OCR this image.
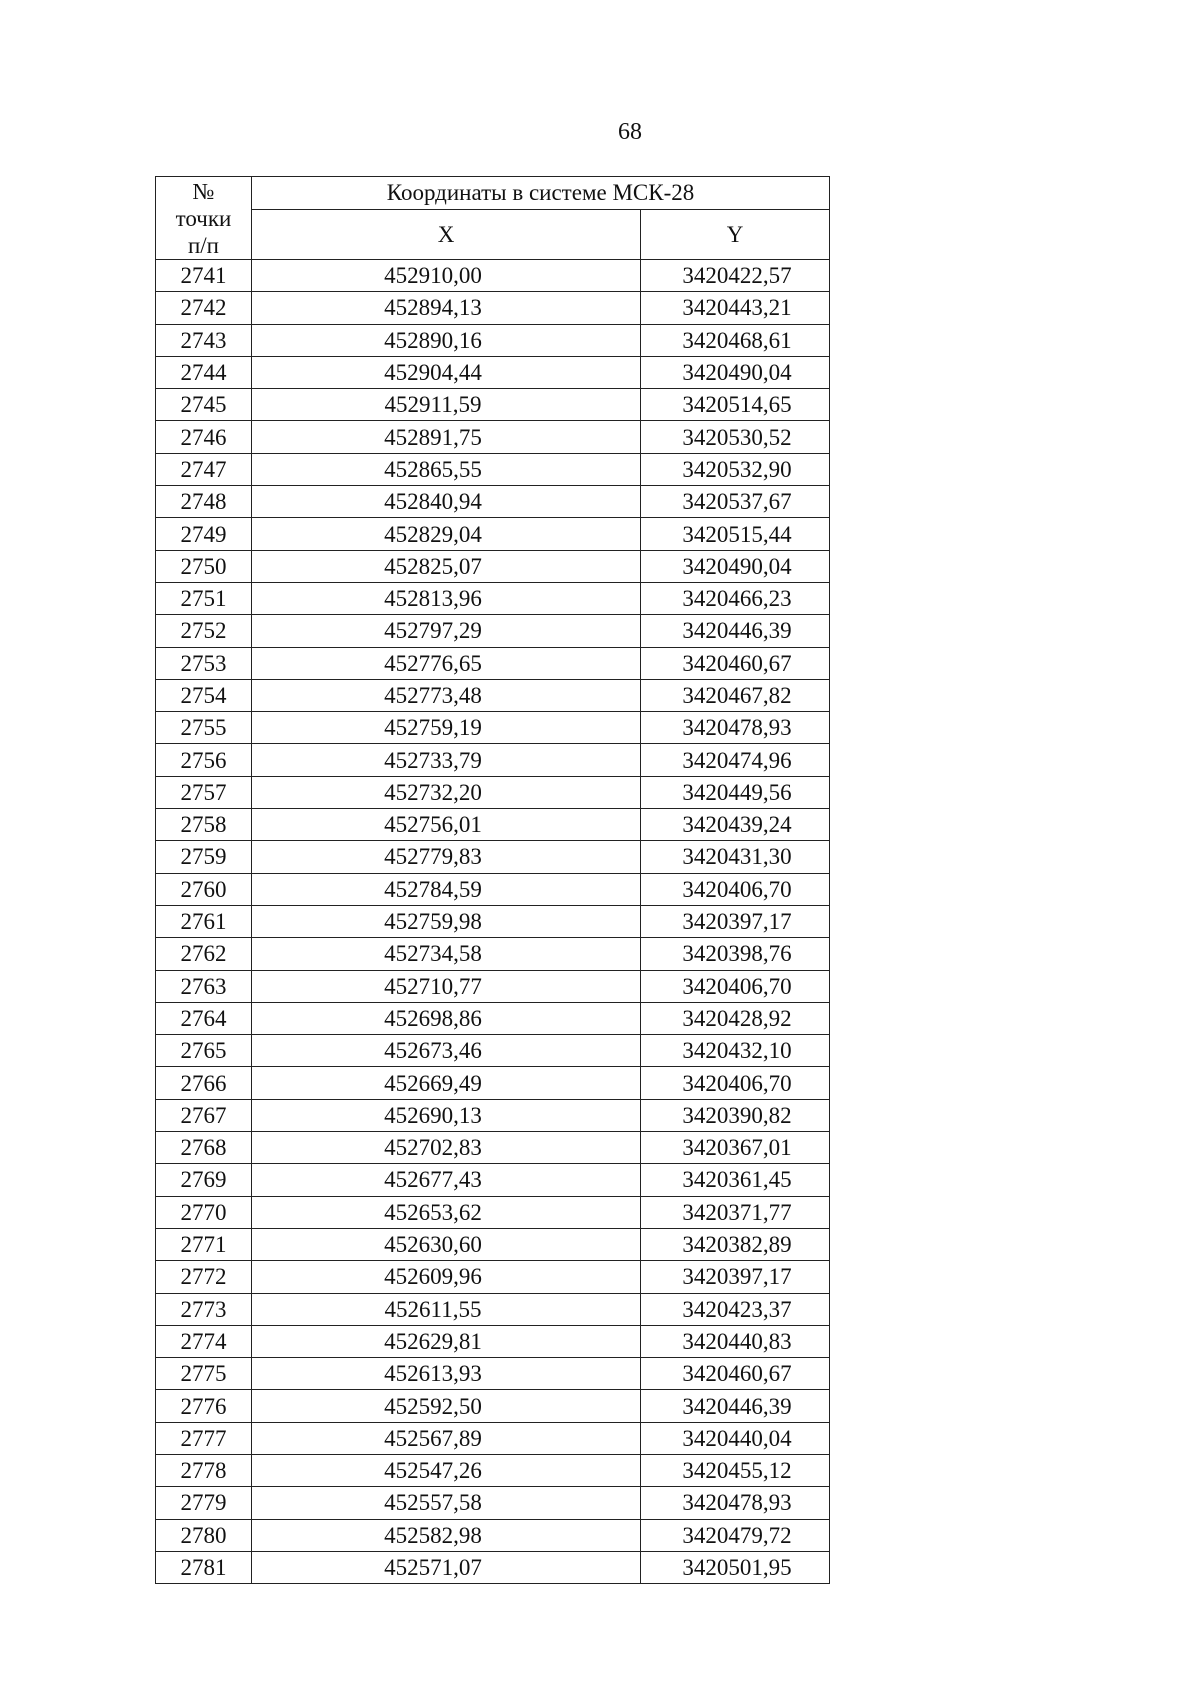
68
№
точки
п/п	Координаты в системе МСК-28	
	X	Y
2741	452910,00	3420422,57
2742	452894,13	3420443,21
2743	452890,16	3420468,61
2744	452904,44	3420490,04
2745	452911,59	3420514,65
2746	452891,75	3420530,52
2747	452865,55	3420532,90
2748	452840,94	3420537,67
2749	452829,04	3420515,44
2750	452825,07	3420490,04
2751	452813,96	3420466,23
2752	452797,29	3420446,39
2753	452776,65	3420460,67
2754	452773,48	3420467,82
2755	452759,19	3420478,93
2756	452733,79	3420474,96
2757	452732,20	3420449,56
2758	452756,01	3420439,24
2759	452779,83	3420431,30
2760	452784,59	3420406,70
2761	452759,98	3420397,17
2762	452734,58	3420398,76
2763	452710,77	3420406,70
2764	452698,86	3420428,92
2765	452673,46	3420432,10
2766	452669,49	3420406,70
2767	452690,13	3420390,82
2768	452702,83	3420367,01
2769	452677,43	3420361,45
2770	452653,62	3420371,77
2771	452630,60	3420382,89
2772	452609,96	3420397,17
2773	452611,55	3420423,37
2774	452629,81	3420440,83
2775	452613,93	3420460,67
2776	452592,50	3420446,39
2777	452567,89	3420440,04
2778	452547,26	3420455,12
2779	452557,58	3420478,93
2780	452582,98	3420479,72
2781	452571,07	3420501,95
